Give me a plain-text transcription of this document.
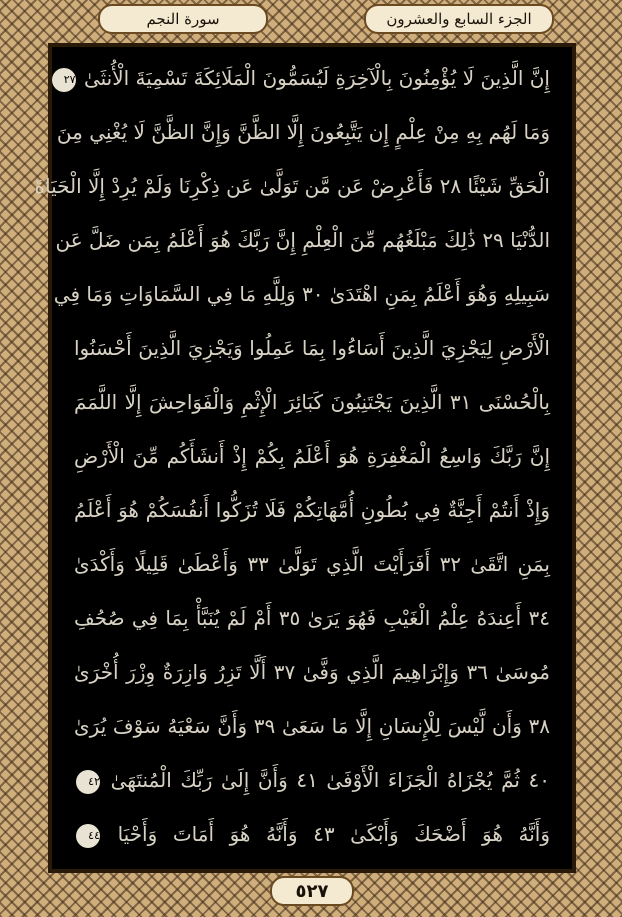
الجزء السابع والعشرون
سورة النجم
إِنَّ الَّذِينَ لَا يُؤْمِنُونَ بِالْآخِرَةِ لَيُسَمُّونَ الْمَلَائِكَةَ تَسْمِيَةَ الْأُنثَىٰ ٢٧
وَمَا لَهُم بِهِ مِنْ عِلْمٍ إِن يَتَّبِعُونَ إِلَّا الظَّنَّ وَإِنَّ الظَّنَّ لَا يُغْنِي مِنَ
الْحَقِّ شَيْئًا ٢٨ فَأَعْرِضْ عَن مَّن تَوَلَّىٰ عَن ذِكْرِنَا وَلَمْ يُرِدْ إِلَّا الْحَيَاةَ
الدُّنْيَا ٢٩ ذَٰلِكَ مَبْلَغُهُم مِّنَ الْعِلْمِ إِنَّ رَبَّكَ هُوَ أَعْلَمُ بِمَن ضَلَّ عَن
سَبِيلِهِ وَهُوَ أَعْلَمُ بِمَنِ اهْتَدَىٰ ٣٠ وَلِلَّهِ مَا فِي السَّمَاوَاتِ وَمَا فِي
الْأَرْضِ لِيَجْزِيَ الَّذِينَ أَسَاءُوا بِمَا عَمِلُوا وَيَجْزِيَ الَّذِينَ أَحْسَنُوا
بِالْحُسْنَى ٣١ الَّذِينَ يَجْتَنِبُونَ كَبَائِرَ الْإِثْمِ وَالْفَوَاحِشَ إِلَّا اللَّمَمَ
إِنَّ رَبَّكَ وَاسِعُ الْمَغْفِرَةِ هُوَ أَعْلَمُ بِكُمْ إِذْ أَنشَأَكُم مِّنَ الْأَرْضِ
وَإِذْ أَنتُمْ أَجِنَّةٌ فِي بُطُونِ أُمَّهَاتِكُمْ فَلَا تُزَكُّوا أَنفُسَكُمْ هُوَ أَعْلَمُ
بِمَنِ اتَّقَىٰ ٣٢ أَفَرَأَيْتَ الَّذِي تَوَلَّىٰ ٣٣ وَأَعْطَىٰ قَلِيلًا وَأَكْدَىٰ
٣٤ أَعِندَهُ عِلْمُ الْغَيْبِ فَهُوَ يَرَىٰ ٣٥ أَمْ لَمْ يُنَبَّأْ بِمَا فِي صُحُفِ
مُوسَىٰ ٣٦ وَإِبْرَاهِيمَ الَّذِي وَفَّىٰ ٣٧ أَلَّا تَزِرُ وَازِرَةٌ وِزْرَ أُخْرَىٰ
٣٨ وَأَن لَّيْسَ لِلْإِنسَانِ إِلَّا مَا سَعَىٰ ٣٩ وَأَنَّ سَعْيَهُ سَوْفَ يُرَىٰ
٤٠ ثُمَّ يُجْزَاهُ الْجَزَاءَ الْأَوْفَىٰ ٤١ وَأَنَّ إِلَىٰ رَبِّكَ الْمُنتَهَىٰ ٤٢
وَأَنَّهُ هُوَ أَضْحَكَ وَأَبْكَىٰ ٤٣ وَأَنَّهُ هُوَ أَمَاتَ وَأَحْيَا ٤٤
٥٢٧
